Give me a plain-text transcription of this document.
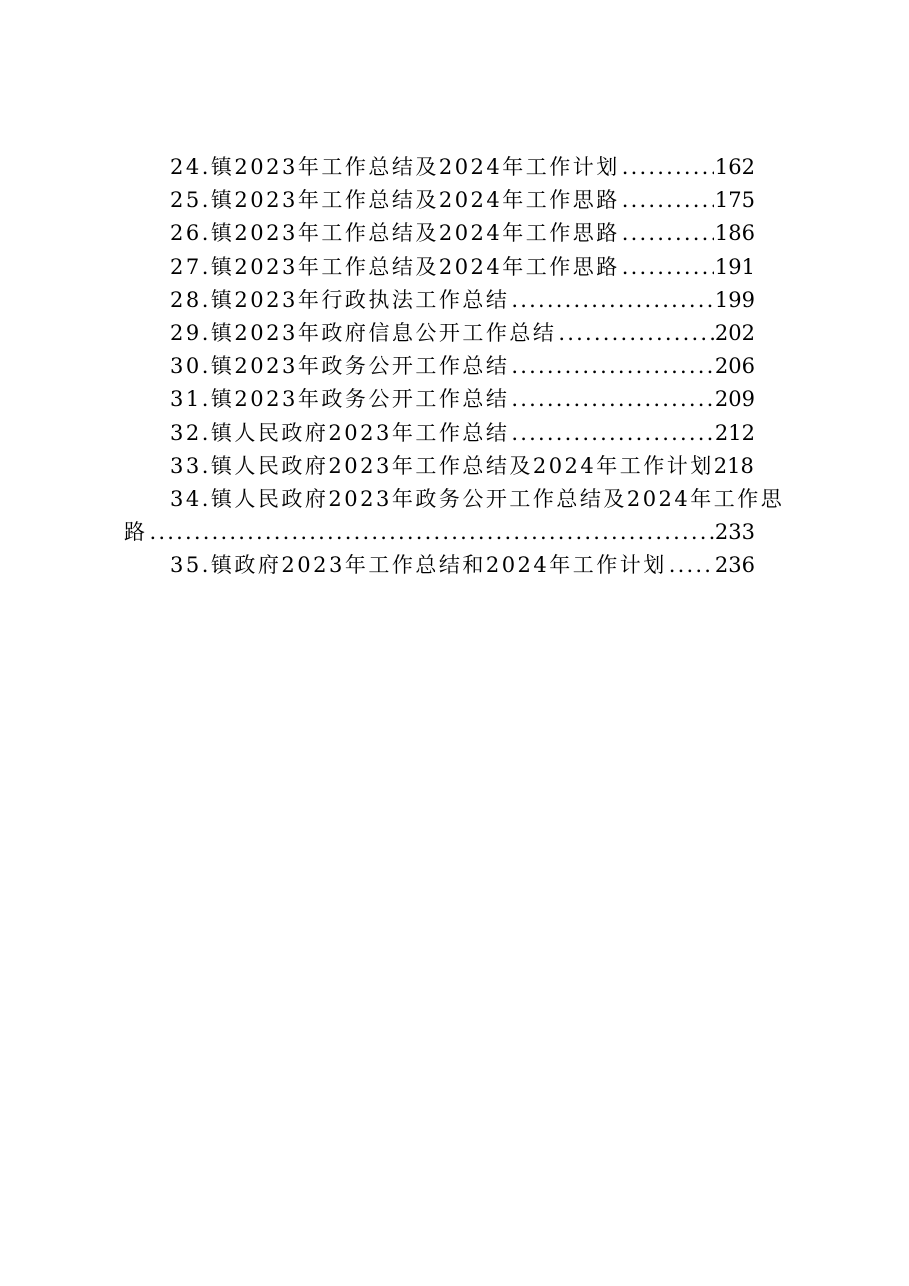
24.镇2023年工作总结及2024年工作计划 .....	162
25.镇2023年工作总结及2024年工作思路 .....	175
26.镇2023年工作总结及2024年工作思路 .....	186
27.镇2023年工作总结及2024年工作思路 .....	191
28.镇2023年行政执法工作总结 .....	199
29.镇2023年政府信息公开工作总结 .....	202
30.镇2023年政务公开工作总结 .....	206
31.镇2023年政务公开工作总结 .....	209
32.镇人民政府2023年工作总结 .....	212
33.镇人民政府2023年工作总结及2024年工作计划 218
34.镇人民政府2023年政务公开工作总结及2024年工作思
路 .....	233
35.镇政府2023年工作总结和2024年工作计划 ..... 236
